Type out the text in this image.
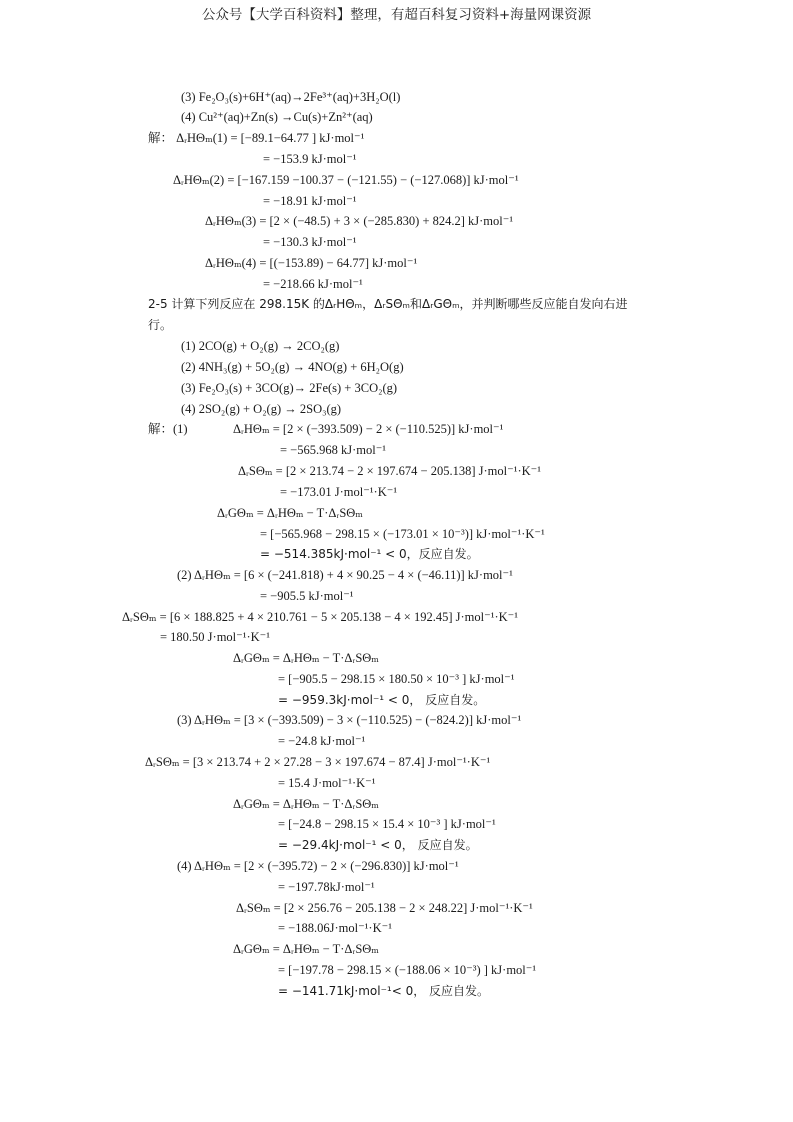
公众号【大学百科资料】整理，有超百科复习资料+海量网课资源
(3) Fe₂O₃(s)+6H⁺(aq)→2Fe³⁺(aq)+3H₂O(l)
(4) Cu²⁺(aq)+Zn(s) →Cu(s)+Zn²⁺(aq)
解： ΔᵣHΘₘ(1) = [−89.1−64.77 ] kJ·mol⁻¹
= −153.9 kJ·mol⁻¹
ΔᵣHΘₘ(2) = [−167.159 −100.37 − (−121.55) − (−127.068)] kJ·mol⁻¹
= −18.91 kJ·mol⁻¹
ΔᵣHΘₘ(3) = [2 × (−48.5) + 3 × (−285.830) + 824.2] kJ·mol⁻¹
= −130.3 kJ·mol⁻¹
ΔᵣHΘₘ(4) = [(−153.89) − 64.77] kJ·mol⁻¹
= −218.66 kJ·mol⁻¹
2-5 计算下列反应在 298.15K 的ΔᵣHΘₘ，ΔᵣSΘₘ和ΔᵣGΘₘ，并判断哪些反应能自发向右进
行。
(1) 2CO(g) + O₂(g) → 2CO₂(g)
(2) 4NH₃(g) + 5O₂(g) → 4NO(g) + 6H₂O(g)
(3) Fe₂O₃(s) + 3CO(g)→ 2Fe(s) + 3CO₂(g)
(4) 2SO₂(g) + O₂(g) → 2SO₃(g)
解：(1)	ΔᵣHΘₘ = [2 × (−393.509) − 2 × (−110.525)] kJ·mol⁻¹
= −565.968 kJ·mol⁻¹
ΔᵣSΘₘ = [2 × 213.74 − 2 × 197.674 − 205.138] J·mol⁻¹·K⁻¹
= −173.01 J·mol⁻¹·K⁻¹
ΔᵣGΘₘ = ΔᵣHΘₘ − T·ΔᵣSΘₘ
= [−565.968 − 298.15 × (−173.01 × 10⁻³)] kJ·mol⁻¹·K⁻¹
= −514.385kJ·mol⁻¹ < 0，反应自发。
(2) ΔᵣHΘₘ = [6 × (−241.818) + 4 × 90.25 − 4 × (−46.11)] kJ·mol⁻¹
= −905.5 kJ·mol⁻¹
ΔᵣSΘₘ = [6 × 188.825 + 4 × 210.761 − 5 × 205.138 − 4 × 192.45] J·mol⁻¹·K⁻¹
= 180.50 J·mol⁻¹·K⁻¹
ΔᵣGΘₘ = ΔᵣHΘₘ − T·ΔᵣSΘₘ
= [−905.5 − 298.15 × 180.50 × 10⁻³ ] kJ·mol⁻¹
= −959.3kJ·mol⁻¹ < 0， 反应自发。
(3) ΔᵣHΘₘ = [3 × (−393.509) − 3 × (−110.525) − (−824.2)] kJ·mol⁻¹
= −24.8 kJ·mol⁻¹
ΔᵣSΘₘ = [3 × 213.74 + 2 × 27.28 − 3 × 197.674 − 87.4] J·mol⁻¹·K⁻¹
= 15.4 J·mol⁻¹·K⁻¹
ΔᵣGΘₘ = ΔᵣHΘₘ − T·ΔᵣSΘₘ
= [−24.8 − 298.15 × 15.4 × 10⁻³ ] kJ·mol⁻¹
= −29.4kJ·mol⁻¹ < 0， 反应自发。
(4) ΔᵣHΘₘ = [2 × (−395.72) − 2 × (−296.830)] kJ·mol⁻¹
= −197.78kJ·mol⁻¹
ΔᵣSΘₘ = [2 × 256.76 − 205.138 − 2 × 248.22] J·mol⁻¹·K⁻¹
= −188.06J·mol⁻¹·K⁻¹
ΔᵣGΘₘ = ΔᵣHΘₘ − T·ΔᵣSΘₘ
= [−197.78 − 298.15 × (−188.06 × 10⁻³) ] kJ·mol⁻¹
= −141.71kJ·mol⁻¹< 0， 反应自发。
